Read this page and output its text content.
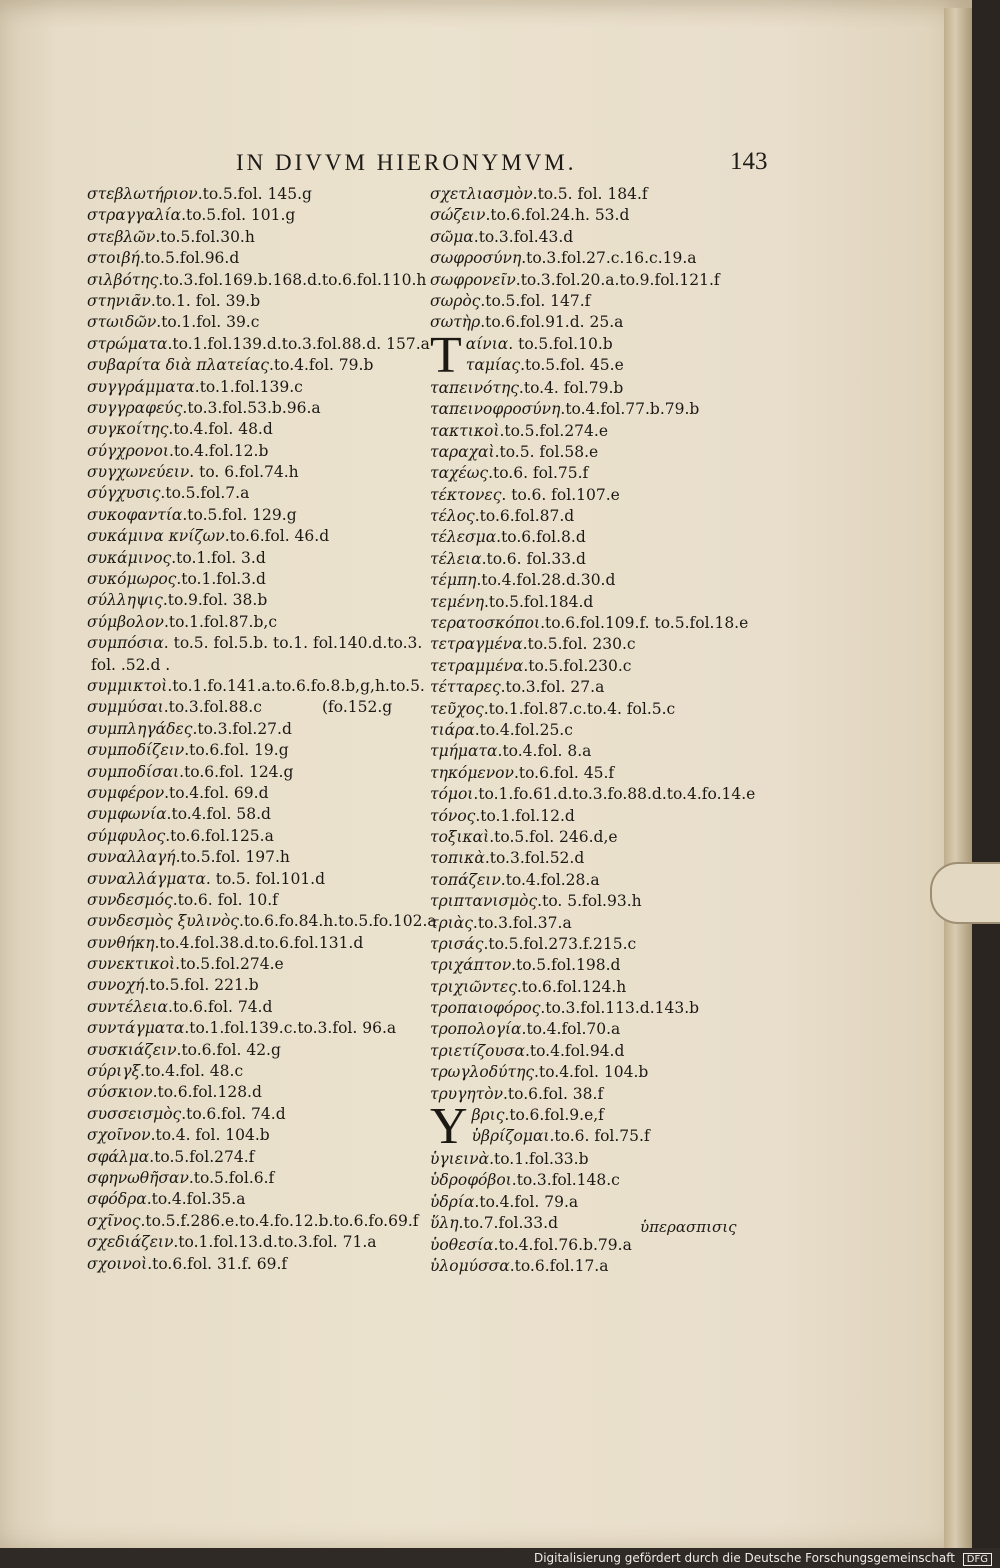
IN DIVVM HIERONYMVM.	143
στεβλωτήριον.to.5.fol. 145.g
στραγγαλία.to.5.fol. 101.g
στεβλῶν.to.5.fol.30.h
στοιβή.to.5.fol.96.d
σιλβότης.to.3.fol.169.b.168.d.to.6.fol.110.h
στηνιᾶν.to.1. fol. 39.b
στωιδῶν.to.1.fol. 39.c
στρώματα.to.1.fol.139.d.to.3.fol.88.d. 157.a
συβαρίτα διὰ πλατείας.to.4.fol. 79.b
συγγράμματα.to.1.fol.139.c
συγγραφεύς.to.3.fol.53.b.96.a
συγκοίτης.to.4.fol. 48.d
σύγχρονοι.to.4.fol.12.b
συγχωνεύειν. to. 6.fol.74.h
σύγχυσις.to.5.fol.7.a
συκοφαντία.to.5.fol. 129.g
συκάμινα κνίζων.to.6.fol. 46.d
συκάμινος.to.1.fol. 3.d
συκόμωρος.to.1.fol.3.d
σύλληψις.to.9.fol. 38.b
σύμβολον.to.1.fol.87.b,c
συμπόσια. to.5. fol.5.b. to.1. fol.140.d.to.3.
fol. .52.d .
συμμικτοὶ.to.1.fo.141.a.to.6.fo.8.b,g,h.to.5.
συμμύσαι.to.3.fol.88.c	(fo.152.g
συμπληγάδες.to.3.fol.27.d
συμποδίζειν.to.6.fol. 19.g
συμποδίσαι.to.6.fol. 124.g
συμφέρον.to.4.fol. 69.d
συμφωνία.to.4.fol. 58.d
σύμφυλος.to.6.fol.125.a
συναλλαγή.to.5.fol. 197.h
συναλλάγματα. to.5. fol.101.d
συνδεσμός.to.6. fol. 10.f
συνδεσμὸς ξυλινὸς.to.6.fo.84.h.to.5.fo.102.a
συνθήκη.to.4.fol.38.d.to.6.fol.131.d
συνεκτικοὶ.to.5.fol.274.e
συνοχή.to.5.fol. 221.b
συντέλεια.to.6.fol. 74.d
συντάγματα.to.1.fol.139.c.to.3.fol. 96.a
συσκιάζειν.to.6.fol. 42.g
σύριγξ.to.4.fol. 48.c
σύσκιον.to.6.fol.128.d
συσσεισμὸς.to.6.fol. 74.d
σχοῖνον.to.4. fol. 104.b
σφάλμα.to.5.fol.274.f
σφηνωθῆσαν.to.5.fol.6.f
σφόδρα.to.4.fol.35.a
σχῖνος.to.5.f.286.e.to.4.fo.12.b.to.6.fo.69.f
σχεδιάζειν.to.1.fol.13.d.to.3.fol. 71.a
σχοινοὶ.to.6.fol. 31.f. 69.f
σχετλιασμὸν.to.5. fol. 184.f
σώζειν.to.6.fol.24.h. 53.d
σῶμα.to.3.fol.43.d
σωφροσύνη.to.3.fol.27.c.16.c.19.a
σωφρονεῖν.to.3.fol.20.a.to.9.fol.121.f
σωρὸς.to.5.fol. 147.f
σωτὴρ.to.6.fol.91.d. 25.a
T αίνια. to.5.fol.10.b
ταμίας.to.5.fol. 45.e
ταπεινότης.to.4. fol.79.b
ταπεινοφροσύνη.to.4.fol.77.b.79.b
τακτικοὶ.to.5.fol.274.e
ταραχαὶ.to.5. fol.58.e
ταχέως.to.6. fol.75.f
τέκτονες. to.6. fol.107.e
τέλος.to.6.fol.87.d
τέλεσμα.to.6.fol.8.d
τέλεια.to.6. fol.33.d
τέμπη.to.4.fol.28.d.30.d
τεμένη.to.5.fol.184.d
τερατοσκόποι.to.6.fol.109.f. to.5.fol.18.e
τετραγμένα.to.5.fol. 230.c
τετραμμένα.to.5.fol.230.c
τέτταρες.to.3.fol. 27.a
τεῦχος.to.1.fol.87.c.to.4. fol.5.c
τιάρα.to.4.fol.25.c
τμήματα.to.4.fol. 8.a
τηκόμενον.to.6.fol. 45.f
τόμοι.to.1.fo.61.d.to.3.fo.88.d.to.4.fo.14.e
τόνος.to.1.fol.12.d
τοξικαὶ.to.5.fol. 246.d,e
τοπικὰ.to.3.fol.52.d
τοπάζειν.to.4.fol.28.a
τριπτανισμὸς.to. 5.fol.93.h
τριὰς.to.3.fol.37.a
τρισάς.to.5.fol.273.f.215.c
τριχάπτον.to.5.fol.198.d
τριχιῶντες.to.6.fol.124.h
τροπαιοφόρος.to.3.fol.113.d.143.b
τροπολογία.to.4.fol.70.a
τριετίζουσα.to.4.fol.94.d
τρωγλοδύτης.to.4.fol. 104.b
τρυγητὸν.to.6.fol. 38.f
Y βρις.to.6.fol.9.e,f
ὑβρίζομαι.to.6. fol.75.f
ὑγιεινὰ.to.1.fol.33.b
ὑδροφόβοι.to.3.fol.148.c
ὑδρία.to.4.fol. 79.a
ὕλη.to.7.fol.33.d
ὑοθεσία.to.4.fol.76.b.79.a
ὑλομύσσα.to.6.fol.17.a
ὑπερασπισις
Digitalisierung gefördert durch die Deutsche Forschungsgemeinschaft DFG
